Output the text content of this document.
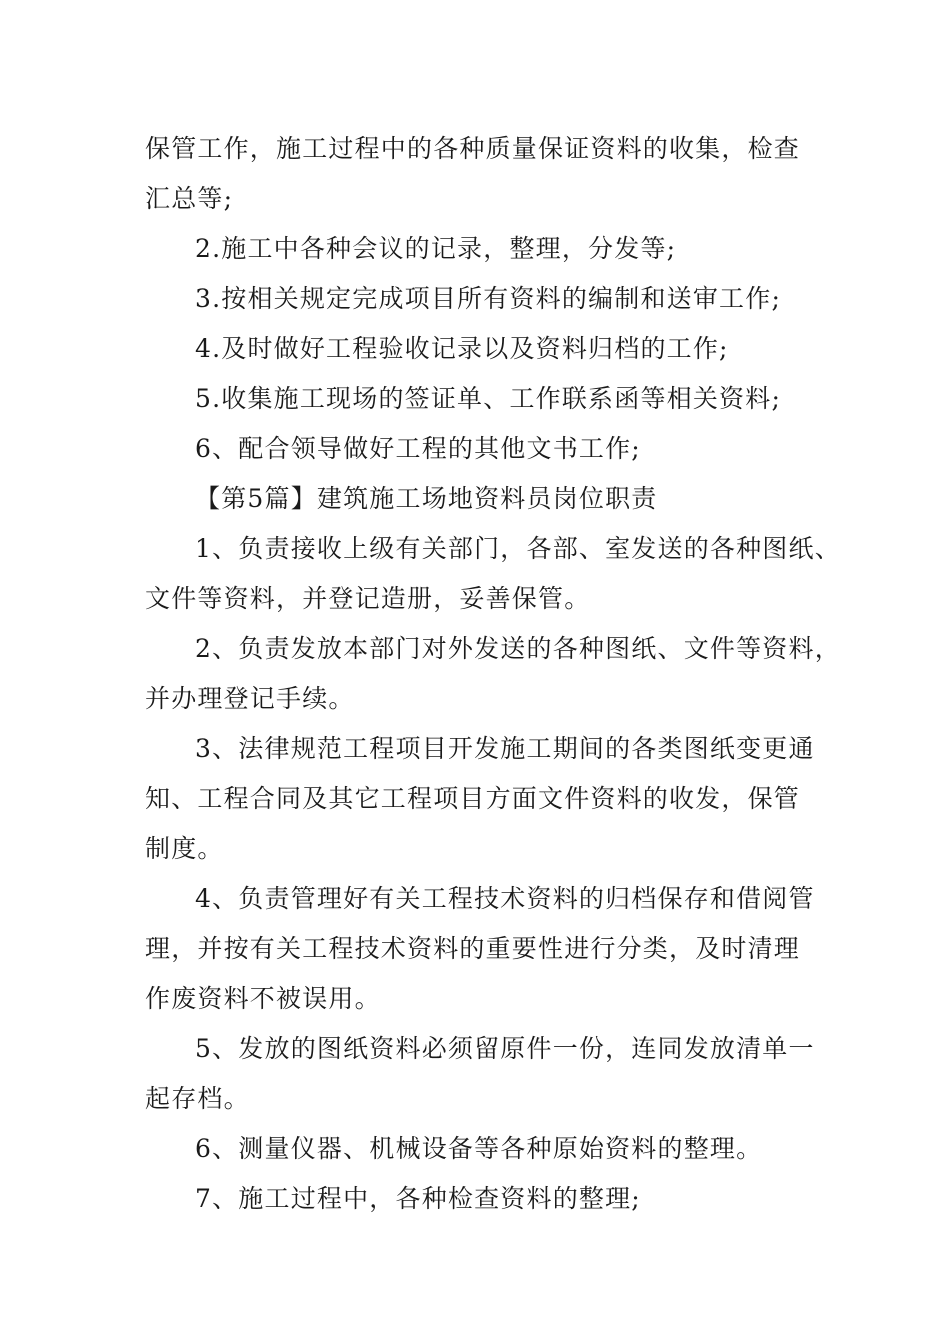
保管工作，施工过程中的各种质量保证资料的收集，检查
汇总等;
2.施工中各种会议的记录，整理，分发等;
3.按相关规定完成项目所有资料的编制和送审工作;
4.及时做好工程验收记录以及资料归档的工作;
5.收集施工现场的签证单、工作联系函等相关资料;
6、配合领导做好工程的其他文书工作;
【第5篇】建筑施工场地资料员岗位职责
1、负责接收上级有关部门，各部、室发送的各种图纸、
文件等资料，并登记造册，妥善保管。
2、负责发放本部门对外发送的各种图纸、文件等资料，
并办理登记手续。
3、法律规范工程项目开发施工期间的各类图纸变更通
知、工程合同及其它工程项目方面文件资料的收发，保管
制度。
4、负责管理好有关工程技术资料的归档保存和借阅管
理，并按有关工程技术资料的重要性进行分类，及时清理
作废资料不被误用。
5、发放的图纸资料必须留原件一份，连同发放清单一
起存档。
6、测量仪器、机械设备等各种原始资料的整理。
7、施工过程中，各种检查资料的整理;
